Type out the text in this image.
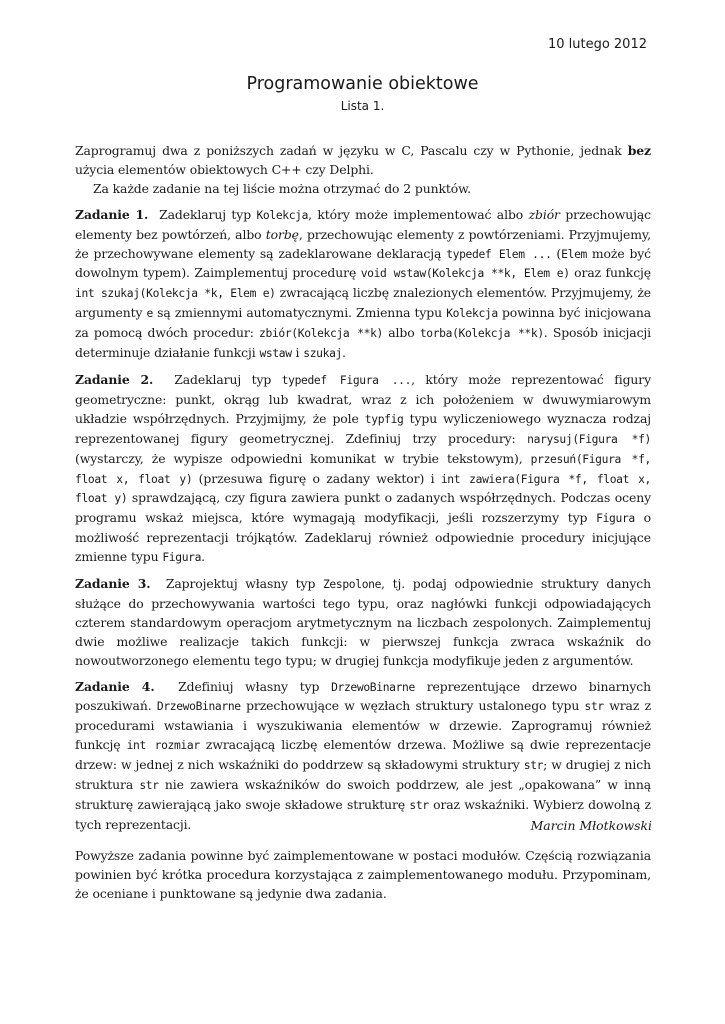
10 lutego 2012
Programowanie obiektowe
Lista 1.

Zaprogramuj dwa z poniższych zadań w języku w C, Pascalu czy w Pythonie, jednak bez użycia elementów obiektowych C++ czy Delphi.

Za każde zadanie na tej liście można otrzymać do 2 punktów.

Zadanie 1. Zadeklaruj typ Kolekcja, który może implementować albo zbiór przechowując elementy bez powtórzeń, albo torbę, przechowując elementy z powtórzeniami. Przyjmujemy, że przechowywane elementy są zadeklarowane deklaracją typedef Elem ... (Elem może być dowolnym typem). Zaimplementuj procedurę void wstaw(Kolekcja **k, Elem e) oraz funkcję int szukaj(Kolekcja *k, Elem e) zwracającą liczbę znalezionych elementów. Przyjmujemy, że argumenty e są zmiennymi automatycznymi. Zmienna typu Kolekcja powinna być inicjowana za pomocą dwóch procedur: zbiór(Kolekcja **k) albo torba(Kolekcja **k). Sposób inicjacji determinuje działanie funkcji wstaw i szukaj.

Zadanie 2. Zadeklaruj typ typedef Figura ..., który może reprezentować figury geometryczne: punkt, okrąg lub kwadrat, wraz z ich położeniem w dwuwymiarowym układzie współrzędnych. Przyjmijmy, że pole typfig typu wyliczeniowego wyznacza rodzaj reprezentowanej figury geometrycznej. Zdefiniuj trzy procedury: narysuj(Figura *f) (wystarczy, że wypisze odpowiedni komunikat w trybie tekstowym), przesuń(Figura *f, float x, float y) (przesuwa figurę o zadany wektor) i int zawiera(Figura *f, float x, float y) sprawdzającą, czy figura zawiera punkt o zadanych współrzędnych. Podczas oceny programu wskaż miejsca, które wymagają modyfikacji, jeśli rozszerzymy typ Figura o możliwość reprezentacji trójkątów. Zadeklaruj również odpowiednie procedury inicjujące zmienne typu Figura.

Zadanie 3. Zaprojektuj własny typ Zespolone, tj. podaj odpowiednie struktury danych służące do przechowywania wartości tego typu, oraz nagłówki funkcji odpowiadających czterem standardowym operacjom arytmetycznym na liczbach zespolonych. Zaimplementuj dwie możliwe realizacje takich funkcji: w pierwszej funkcja zwraca wskaźnik do nowoutworzonego elementu tego typu; w drugiej funkcja modyfikuje jeden z argumentów.

Zadanie 4. Zdefiniuj własny typ DrzewoBinarne reprezentujące drzewo binarnych poszukiwań. DrzewoBinarne przechowujące w węzłach struktury ustalonego typu str wraz z procedurami wstawiania i wyszukiwania elementów w drzewie. Zaprogramuj również funkcję int rozmiar zwracającą liczbę elementów drzewa. Możliwe są dwie reprezentacje drzew: w jednej z nich wskaźniki do poddrzew są składowymi struktury str; w drugiej z nich struktura str nie zawiera wskaźników do swoich poddrzew, ale jest „opakowana” w inną strukturę zawierającą jako swoje składowe strukturę str oraz wskaźniki. Wybierz dowolną z tych reprezentacji.

Powyższe zadania powinne być zaimplementowane w postaci modułów. Częścią rozwiązania powinien być krótka procedura korzystająca z zaimplementowanego modułu. Przypominam, że oceniane i punktowane są jedynie dwa zadania.

Marcin Młotkowski
